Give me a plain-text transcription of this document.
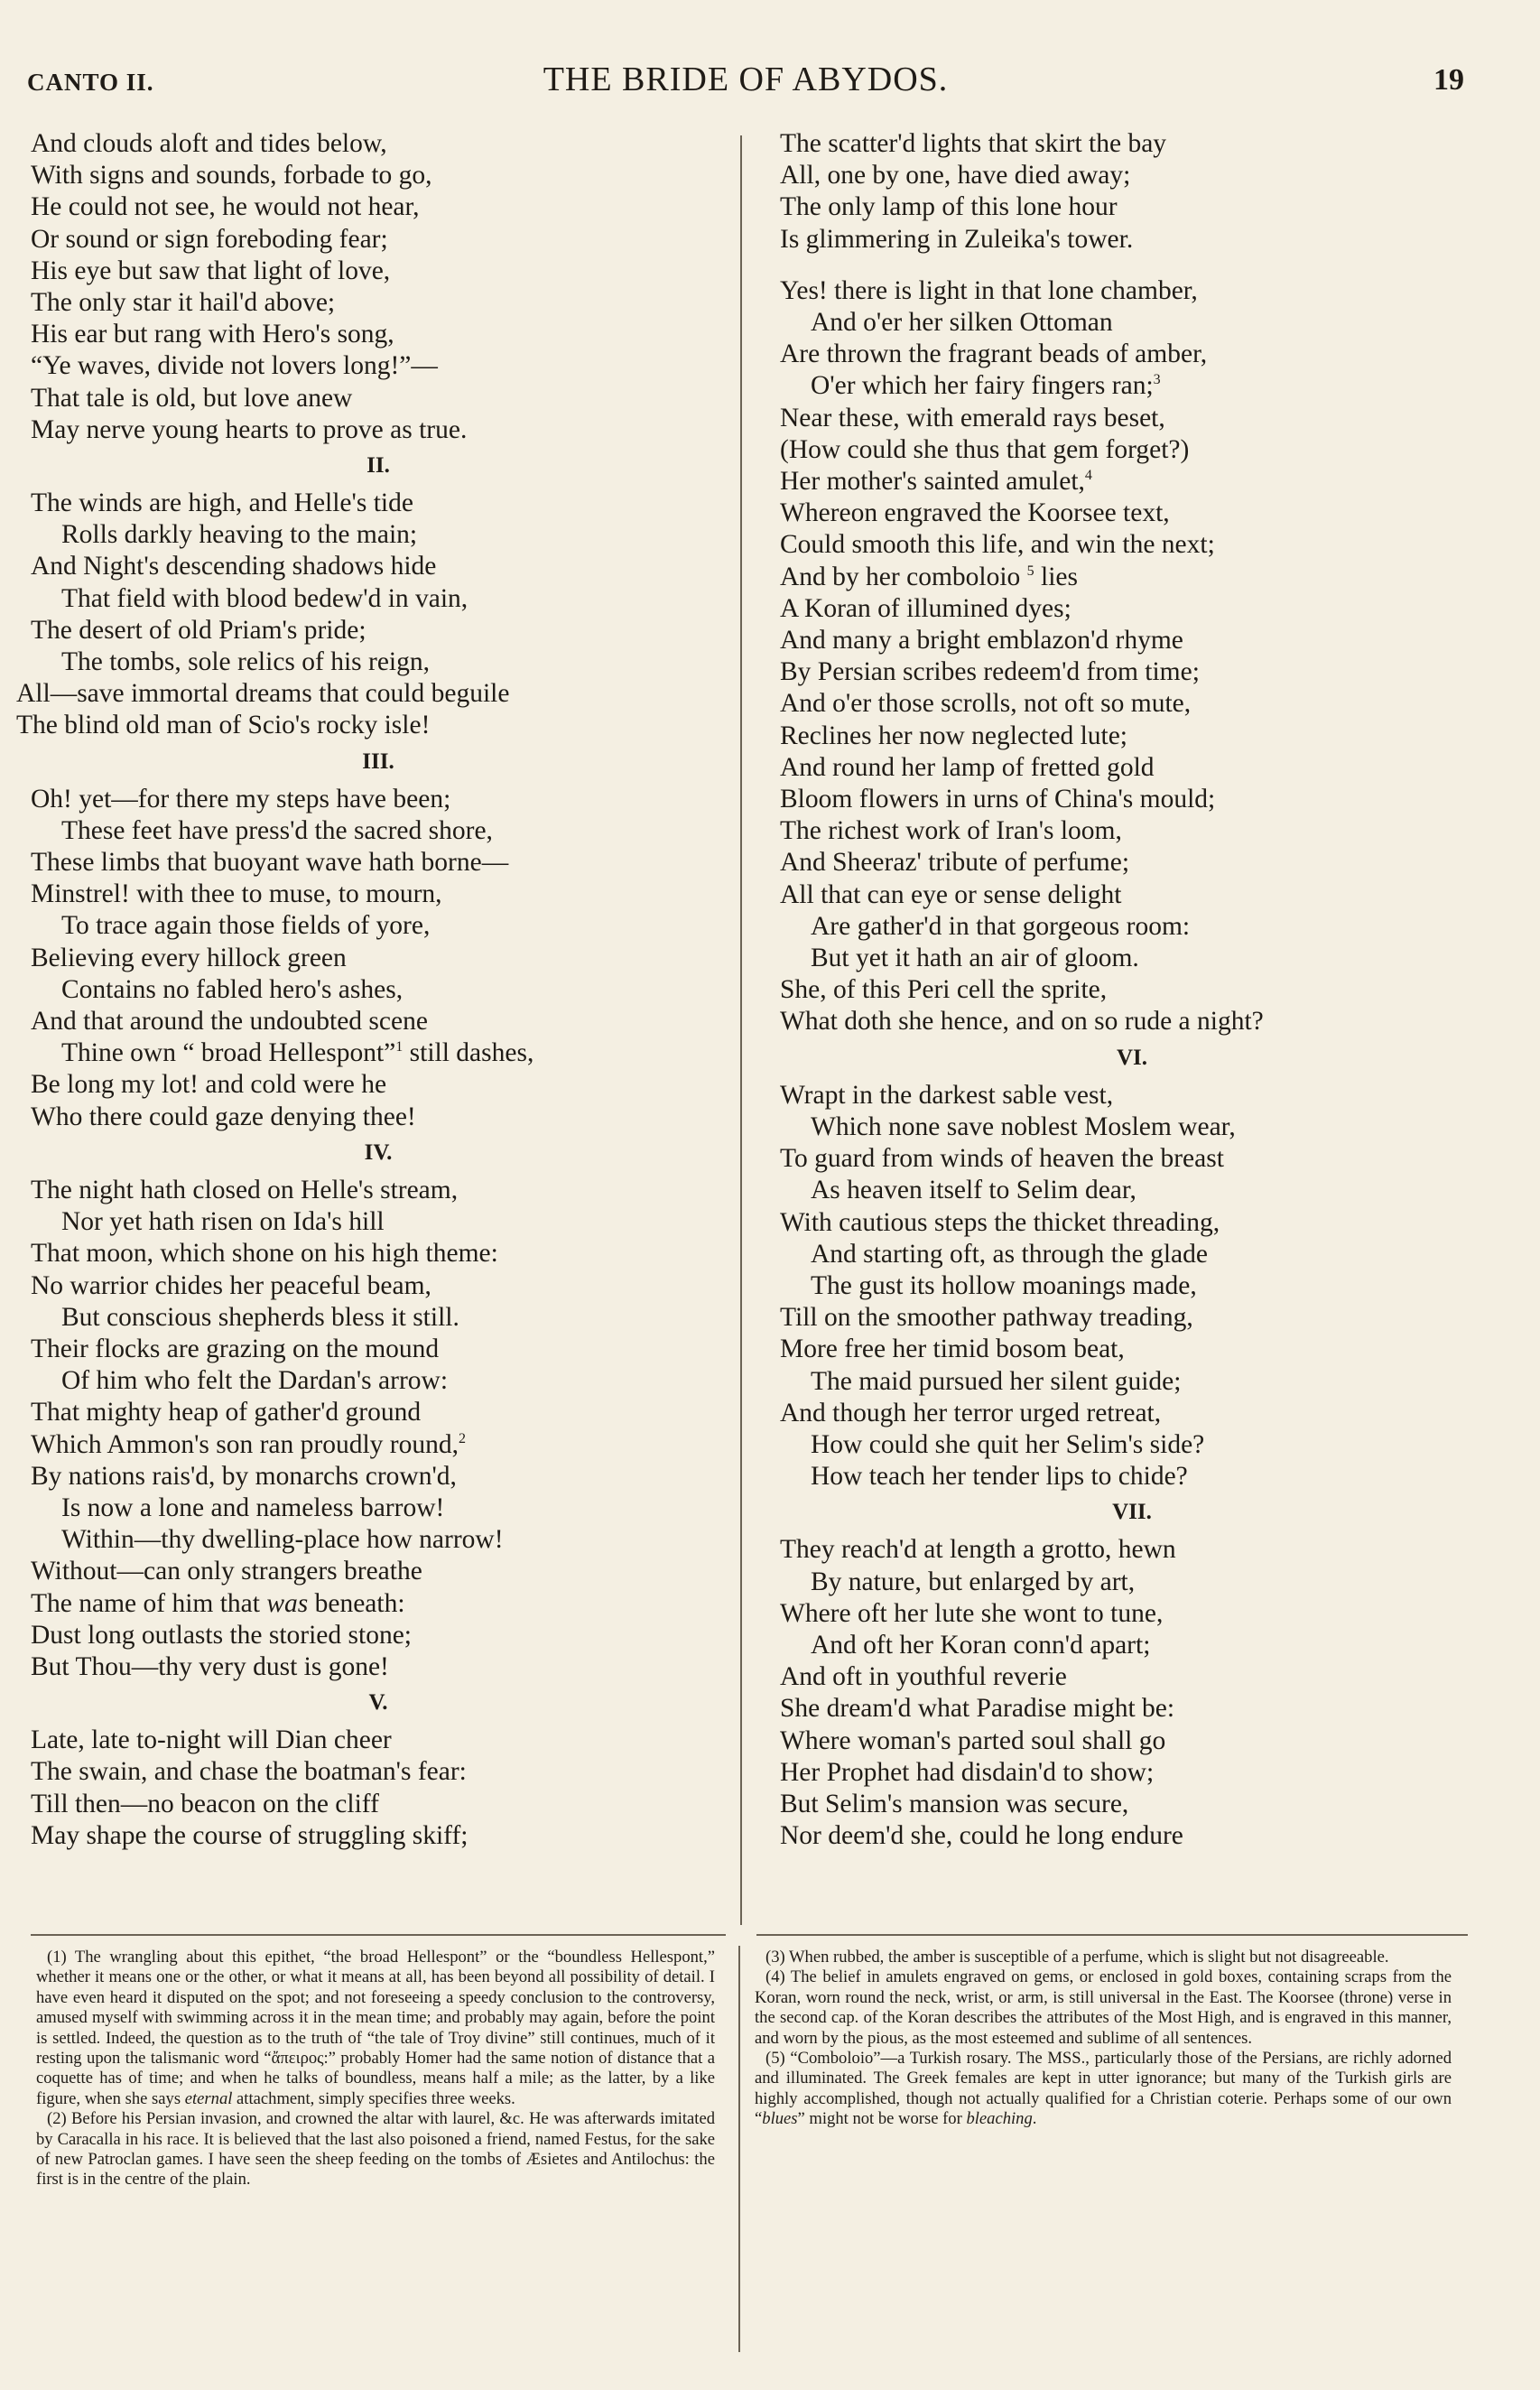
CANTO II.	THE BRIDE OF ABYDOS.	19
And clouds aloft and tides below,
With signs and sounds, forbade to go,
He could not see, he would not hear,
Or sound or sign foreboding fear;
His eye but saw that light of love,
The only star it hail'd above;
His ear but rang with Hero's song,
“Ye waves, divide not lovers long!”—
That tale is old, but love anew
May nerve young hearts to prove as true.
II.
The winds are high, and Helle's tide
Rolls darkly heaving to the main;
And Night's descending shadows hide
That field with blood bedew'd in vain,
The desert of old Priam's pride;
The tombs, sole relics of his reign,
All—save immortal dreams that could beguile
The blind old man of Scio's rocky isle!
III.
Oh! yet—for there my steps have been;
These feet have press'd the sacred shore,
These limbs that buoyant wave hath borne—
Minstrel! with thee to muse, to mourn,
To trace again those fields of yore,
Believing every hillock green
Contains no fabled hero's ashes,
And that around the undoubted scene
Thine own “ broad Hellespont”$^1$ still dashes,
Be long my lot! and cold were he
Who there could gaze denying thee!
IV.
The night hath closed on Helle's stream,
Nor yet hath risen on Ida's hill
That moon, which shone on his high theme:
No warrior chides her peaceful beam,
But conscious shepherds bless it still.
Their flocks are grazing on the mound
Of him who felt the Dardan's arrow:
That mighty heap of gather'd ground
Which Ammon's son ran proudly round,$^2$
By nations rais'd, by monarchs crown'd,
Is now a lone and nameless barrow!
Within—thy dwelling-place how narrow!
Without—can only strangers breathe
The name of him that was beneath:
Dust long outlasts the storied stone;
But Thou—thy very dust is gone!
V.
Late, late to-night will Dian cheer
The swain, and chase the boatman's fear:
Till then—no beacon on the cliff
May shape the course of struggling skiff;
The scatter'd lights that skirt the bay
All, one by one, have died away;
The only lamp of this lone hour
Is glimmering in Zuleika's tower.
Yes! there is light in that lone chamber,
And o'er her silken Ottoman
Are thrown the fragrant beads of amber,
O'er which her fairy fingers ran;$^3$
Near these, with emerald rays beset,
(How could she thus that gem forget?)
Her mother's sainted amulet,$^4$
Whereon engraved the Koorsee text,
Could smooth this life, and win the next;
And by her comboloio $^5$ lies
A Koran of illumined dyes;
And many a bright emblazon'd rhyme
By Persian scribes redeem'd from time;
And o'er those scrolls, not oft so mute,
Reclines her now neglected lute;
And round her lamp of fretted gold
Bloom flowers in urns of China's mould;
The richest work of Iran's loom,
And Sheeraz' tribute of perfume;
All that can eye or sense delight
Are gather'd in that gorgeous room:
But yet it hath an air of gloom.
She, of this Peri cell the sprite,
What doth she hence, and on so rude a night?
VI.
Wrapt in the darkest sable vest,
Which none save noblest Moslem wear,
To guard from winds of heaven the breast
As heaven itself to Selim dear,
With cautious steps the thicket threading,
And starting oft, as through the glade
The gust its hollow moanings made,
Till on the smoother pathway treading,
More free her timid bosom beat,
The maid pursued her silent guide;
And though her terror urged retreat,
How could she quit her Selim's side?
How teach her tender lips to chide?
VII.
They reach'd at length a grotto, hewn
By nature, but enlarged by art,
Where oft her lute she wont to tune,
And oft her Koran conn'd apart;
And oft in youthful reverie
She dream'd what Paradise might be:
Where woman's parted soul shall go
Her Prophet had disdain'd to show;
But Selim's mansion was secure,
Nor deem'd she, could he long endure

(1) The wrangling about this epithet, “the broad Hellespont” or the “boundless Hellespont,” whether it means one or the other, or what it means at all, has been beyond all possibility of detail. I have even heard it disputed on the spot; and not foreseeing a speedy conclusion to the controversy, amused myself with swimming across it in the mean time; and probably may again, before the point is settled. Indeed, the question as to the truth of “the tale of Troy divine” still continues, much of it resting upon the talismanic word “ἄπειρος:” probably Homer had the same notion of distance that a coquette has of time; and when he talks of boundless, means half a mile; as the latter, by a like figure, when she says eternal attachment, simply specifies three weeks.

(2) Before his Persian invasion, and crowned the altar with laurel, &c. He was afterwards imitated by Caracalla in his race. It is believed that the last also poisoned a friend, named Festus, for the sake of new Patroclan games. I have seen the sheep feeding on the tombs of Æsietes and Antilochus: the first is in the centre of the plain.

(3) When rubbed, the amber is susceptible of a perfume, which is slight but not disagreeable.

(4) The belief in amulets engraved on gems, or enclosed in gold boxes, containing scraps from the Koran, worn round the neck, wrist, or arm, is still universal in the East. The Koorsee (throne) verse in the second cap. of the Koran describes the attributes of the Most High, and is engraved in this manner, and worn by the pious, as the most esteemed and sublime of all sentences.

(5) “Comboloio”—a Turkish rosary. The MSS., particularly those of the Persians, are richly adorned and illuminated. The Greek females are kept in utter ignorance; but many of the Turkish girls are highly accomplished, though not actually qualified for a Christian coterie. Perhaps some of our own “blues” might not be worse for bleaching.
